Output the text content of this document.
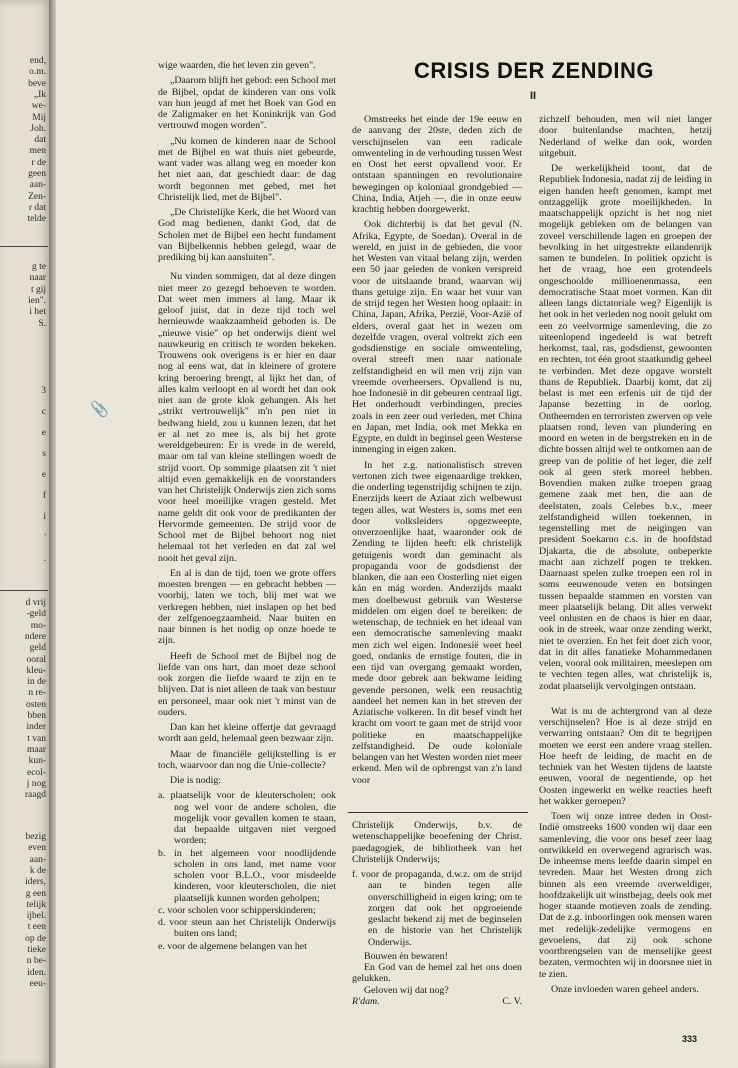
end,
o.m.
beve
„Ik
we-
Mij
Joh.
dat
men
r de
geen
aan-
Zen-
r dat
telde
g te
naar
t gij
ien".
i het
S.
3
c
e
s
e
f
i
'
.
d vrij
-geld
mo-
ndere
geld
ooral
kleu-
in de
n re-
osten
bben
inder
t van
maar
kun-
ecol-
j nog
raagd
bezig
even
aan-
k de
iders,
g een
telijk
ijbel.
t een
op de
tieke
n be-
iden.
eeu-
📎
CRISIS DER ZENDING
II

wige waarden, die het leven zin geven".

„Daarom blijft het gebod: een School met de Bijbel, opdat de kinderen van ons volk van hun jeugd af met het Boek van God en de Zaligmaker en het Koninkrijk van God vertrouwd mogen worden".

„Nu komen de kinderen naar de School met de Bijbel en wat thuis niet gebeurde, want vader was allang weg en moeder kon het niet aan, dat geschiedt daar: de dag wordt begonnen met gebed, met het Christelijk lied, met de Bijbel".

„De Christelijke Kerk, die het Woord van God mag bedienen, dankt God, dat de Scholen met de Bijbel een hecht fundament van Bijbelkennis hebben gelegd, waar de prediking bij kan aansluiten".

Nu vinden sommigen, dat al deze dingen niet meer zo gezegd behoeven te worden. Dat weet men immers al lang. Maar ik geloof juist, dat in deze tijd toch wel hernieuwde waakzaamheid geboden is. De „nieuwe visie" op het onderwijs dient wel nauwkeurig en critisch te worden bekeken. Trouwens ook overigens is er hier en daar nog al eens wat, dat in kleinere of grotere kring beroering brengt, al lijkt het dan, of alles kalm verloopt en al wordt het dan ook niet aan de grote klok gehangen. Als het „strikt vertrouwelijk" m'n pen niet in bedwang hield, zou u kunnen lezen, dat het er al net zo mee is, als bij het grote wereldgebeuren: Er is vrede in de wereld, maar om tal van kleine stellingen woedt de strijd voort. Op sommige plaatsen zit 't niet altijd even gemakkelijk en de voorstanders van het Christelijk Onderwijs zien zich soms voor heel moeilijke vragen gesteld. Met name geldt dit ook voor de predikanten der Hervormde gemeenten. De strijd voor de School met de Bijbel behoort nog niet helemaal tot het verleden en dat zal wel nooit het geval zijn.

En al is dan de tijd, toen we grote offers moesten brengen — en gebracht hebben — voorbij, laten we toch, blij met wat we verkregen hebben, niet inslapen op het bed der zelfgenoegzaamheid. Naar buiten en naar binnen is het nodig op onze hoede te zijn.

Heeft de School met de Bijbel nog de liefde van ons hart, dan moet deze school ook zorgen die liefde waard te zijn en te blijven. Dat is niet alleen de taak van bestuur en personeel, maar ook niet 't minst van de ouders.

Dan kan het kleine offertje dat gevraagd wordt aan geld, helemaal geen bezwaar zijn.

Maar de financiële gelijkstelling is er toch, waarvoor dan nog die Unie-collecte?

Die is nodig:

a. plaatselijk voor de kleuterscholen; ook nog wel voor de andere scholen, die mogelijk voor gevallen komen te staan, dat bepaalde uitgaven niet vergoed worden;
b. in het algemeen voor noodlijdende scholen in ons land, met name voor scholen voor B.L.O., voor misdeelde kinderen, voor kleuterscholen, die niet plaatselijk kunnen worden geholpen;
c. voor scholen voor schipperskinderen;
d. voor steun aan het Christelijk Onderwijs buiten ons land;
e. voor de algemene belangen van het

Omstreeks het einde der 19e eeuw en de aanvang der 20ste, deden zich de verschijnselen van een radicale omwenteling in de verhouding tussen West en Oost het eerst opvallend voor. Er ontstaan spanningen en revolutionaire bewegingen op koloniaal grondgebied — China, India, Atjeh —, die in onze eeuw krachtig hebben doorgewerkt.

Ook dichterbij is dat het geval (N. Afrika, Egypte, de Soedan). Overal in de wereld, en juist in de gebieden, die voor het Westen van vitaal belang zijn, werden een 50 jaar geleden de vonken verspreid voor de uitslaande brand, waarvan wij thans getuige zijn. En waar het vuur van de strijd tegen het Westen hoog oplaait: in China, Japan, Afrika, Perzië, Voor-Azië of elders, overal gaat het in wezen om dezelfde vragen, overal voltrekt zich een godsdienstige en sociale omwenteling, overal streeft men naar nationale zelfstandigheid en wil men vrij zijn van vreemde overheersers. Opvallend is nu, hoe Indonesië in dit gebeuren centraal ligt. Het onderhoudt verbindingen, precies zoals in een zeer oud verleden, met China en Japan, met India, ook met Mekka en Egypte, en duldt in beginsel geen Westerse inmenging in eigen zaken.

In het z.g. nationalistisch streven vertonen zich twee eigenaardige trekken, die onderling tegenstrijdig schijnen te zijn. Enerzijds keert de Aziaat zich welbewust tegen alles, wat Westers is, soms met een door volksleiders opgezweepte, onverzoenlijke haat, waaronder ook de Zending te lijden heeft: elk christelijk getuigenis wordt dan geminacht als propaganda voor de godsdienst der blanken, die aan een Oosterling niet eigen kán en mág worden. Anderzijds maakt men doelbewust gebruik van Westerse middelen om eigen doel te bereiken: de wetenschap, de techniek en het ideaal van een democratische samenleving maakt men zich wel eigen. Indonesië weet heel goed, ondanks de ernstige fouten, die in een tijd van overgang gemaakt worden, mede door gebrek aan bekwame leiding gevende personen, welk een reusachtig aandeel het nemen kan in het streven der Aziatische volkeren. In dit besef vindt het kracht om voort te gaan met de strijd voor politieke en maatschappelijke zelfstandigheid. De oude koloniale belangen van het Westen worden niet meer erkend. Men wil de opbrengst van z'n land voor

Christelijk Onderwijs, b.v. de wetenschappelijke beoefening der Christ. paedagogiek, de bibliotheek van het Christelijk Onderwijs;

f. voor de propaganda, d.w.z. om de strijd aan te binden tegen alle onverschilligheid in eigen kring; om te zorgen dat ook het opgroeiende geslacht bekend zij met de beginselen en de historie van het Christelijk Onderwijs.

Bouwen èn bewaren!

En God van de hemel zal het ons doen gelukken.

Geloven wij dat nog?

R'dam.	C. V.

zichzelf behouden, men wil niet langer door buitenlandse machten, hetzij Nederland of welke dan ook, worden uitgebuit.

De werkelijkheid toont, dat de Republiek Indonesia, nadat zij de leiding in eigen handen heeft genomen, kampt met ontzaggelijk grote moeilijkheden. In maatschappelijk opzicht is het nog niet mogelijk gebleken om de belangen van zoveel verschillende lagen en groepen der bevolking in het uitgestrekte eilandenrijk samen te bundelen. In politiek opzicht is het de vraag, hoe een grotendeels ongeschoolde millioenenmassa, een democratische Staat moet vormen. Kan dit alleen langs dictatoriale weg? Eigenlijk is het ook in het verleden nog nooit gelukt om een zo veelvormige samenleving, die zo uiteenlopend ingedeeld is wat betreft herkomst, taal, ras, godsdienst, gewoonten en rechten, tot één groot staatkundig geheel te verbinden. Met deze opgave worstelt thans de Republiek. Daarbij komt, dat zij belast is met een erfenis uit de tijd der Japanse bezetting in de oorlog. Ontheemden en terroristen zwerven op vele plaatsen rond, leven van plundering en moord en weten in de bergstreken en in de dichte bossen altijd wel te ontkomen aan de greep van de politie of het leger, die zelf ook al geen sterk moreel hebben. Bovendien maken zulke troepen graag gemene zaak met hen, die aan de deelstaten, zoals Celebes b.v., meer zelfstandigheid willen toekennen, in tegenstelling met de neigingen van president Soekarno c.s. in de hoofdstad Djakarta, die de absolute, onbeperkte macht aan zichzelf pogen te trekken. Daarnaast spelen zulke troepen een rol in soms eeuwenoude veten en botsingen tussen bepaalde stammen en vorsten van meer plaatselijk belang. Dit alles verwekt veel onlusten en de chaos is hier en daar, ook in de streek, waar onze zending werkt, niet te overzien. En het feit doet zich voor, dat in dit alles fanatieke Mohammedanen velen, vooral ook militairen, meeslepen om te vechten tegen alles, wat christelijk is, zodat plaatselijk vervolgingen ontstaan.

Wat is nu de achtergrond van al deze verschijnselen? Hoe is al deze strijd en verwarring ontstaan? Om dit te begrijpen moeten we eerst een andere vraag stellen. Hoe heeft de leiding, de macht en de techniek van het Westen tijdens de laatste eeuwen, vooral de negentiende, op het Oosten ingewerkt en welke reacties heeft het wakker geroepen?

Toen wij onze intree deden in Oost-Indië omstreeks 1600 vonden wij daar een samenleving, die voor ons besef zeer laag ontwikkeld en overwegend agrarisch was. De inheemse mens leefde daarin simpel en tevreden. Maar het Westen drong zich binnen als een vreemde overweldiger, hoofdzakelijk uit winstbejag, deels ook met hoger staande motieven zoals de zending. Dat de z.g. inboorlingen ook mensen waren met redelijk-zedelijke vermogens en gevoelens, dat zij ook schone voortbrengselen van de menselijke geest bezaten, vermochten wij in doorsnee niet in te zien.

Onze invloeden waren geheel anders.

333
